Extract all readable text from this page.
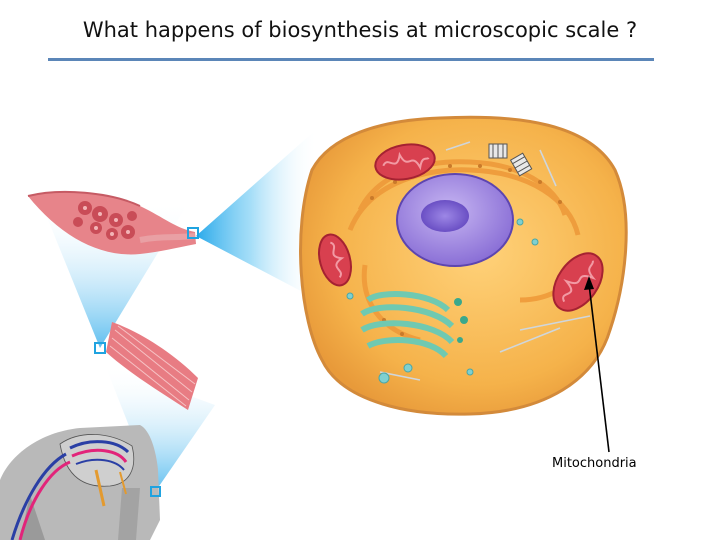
What happens of biosynthesis at microscopic scale ?
Mitochondria
